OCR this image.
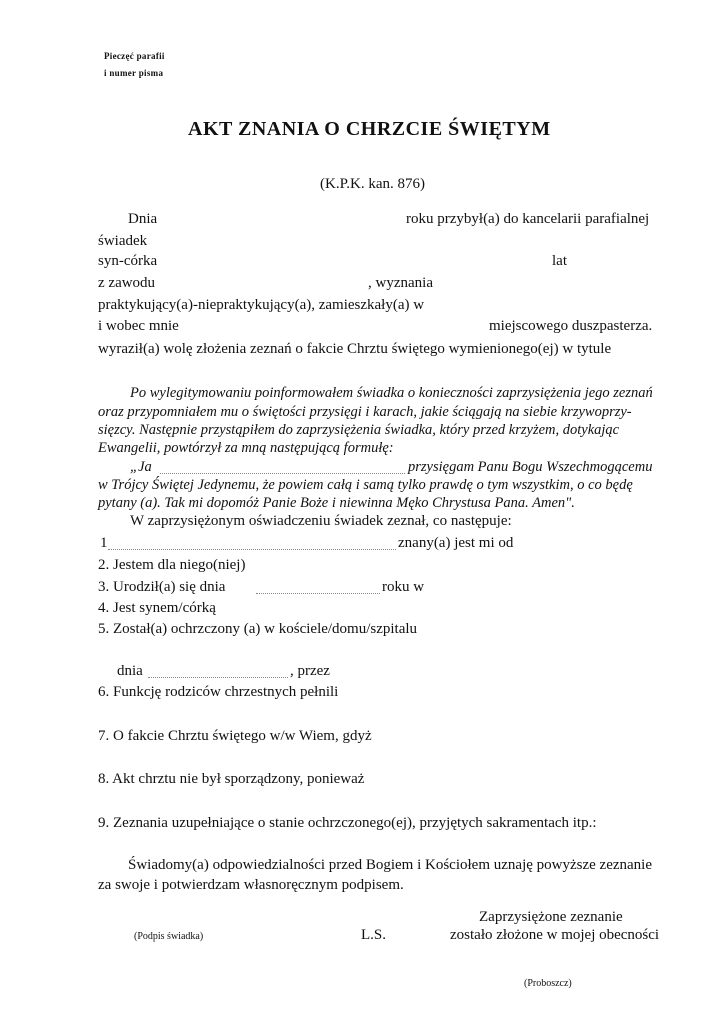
Pieczęć parafii
i numer pisma
AKT ZNANIA O CHRZCIE ŚWIĘTYM
(K.P.K. kan. 876)
Dnia	roku przybył(a) do kancelarii parafialnej
świadek
syn-córka	lat
z zawodu	, wyznania
praktykujący(a)-niepraktykujący(a), zamieszkały(a) w
i wobec mnie	miejscowego duszpasterza.
wyraził(a) wolę złożenia zeznań o fakcie Chrztu świętego wymienionego(ej) w tytule
Po wylegitymowaniu poinformowałem świadka o konieczności zaprzysiężenia jego zeznań
oraz przypomniałem mu o świętości przysięgi i karach, jakie ściągają na siebie krzywoprzy-
sięzcy. Następnie przystąpiłem do zaprzysiężenia świadka, który przed krzyżem, dotykając
Ewangelii, powtórzył za mną następującą formułę:
„Ja	przysięgam Panu Bogu Wszechmogącemu
w Trójcy Świętej Jedynemu, że powiem całą i samą tylko prawdę o tym wszystkim, o co będę
pytany (a). Tak mi dopomóż Panie Boże i niewinna Męko Chrystusa Pana. Amen".
W zaprzysiężonym oświadczeniu świadek zeznał, co następuje:
1	znany(a) jest mi od
2. Jestem dla niego(niej)
3. Urodził(a) się dnia	roku w
4. Jest synem/córką
5. Został(a) ochrzczony (a) w kościele/domu/szpitalu
dnia	, przez
6. Funkcję rodziców chrzestnych pełnili
7. O fakcie Chrztu świętego w/w Wiem, gdyż
8. Akt chrztu nie był sporządzony, ponieważ
9. Zeznania uzupełniające o stanie ochrzczonego(ej), przyjętych sakramentach itp.:
Świadomy(a) odpowiedzialności przed Bogiem i Kościołem uznaję powyższe zeznanie
za swoje i potwierdzam własnoręcznym podpisem.
Zaprzysiężone zeznanie
(Podpis świadka)	L.S.	zostało złożone w mojej obecności
(Proboszcz)
